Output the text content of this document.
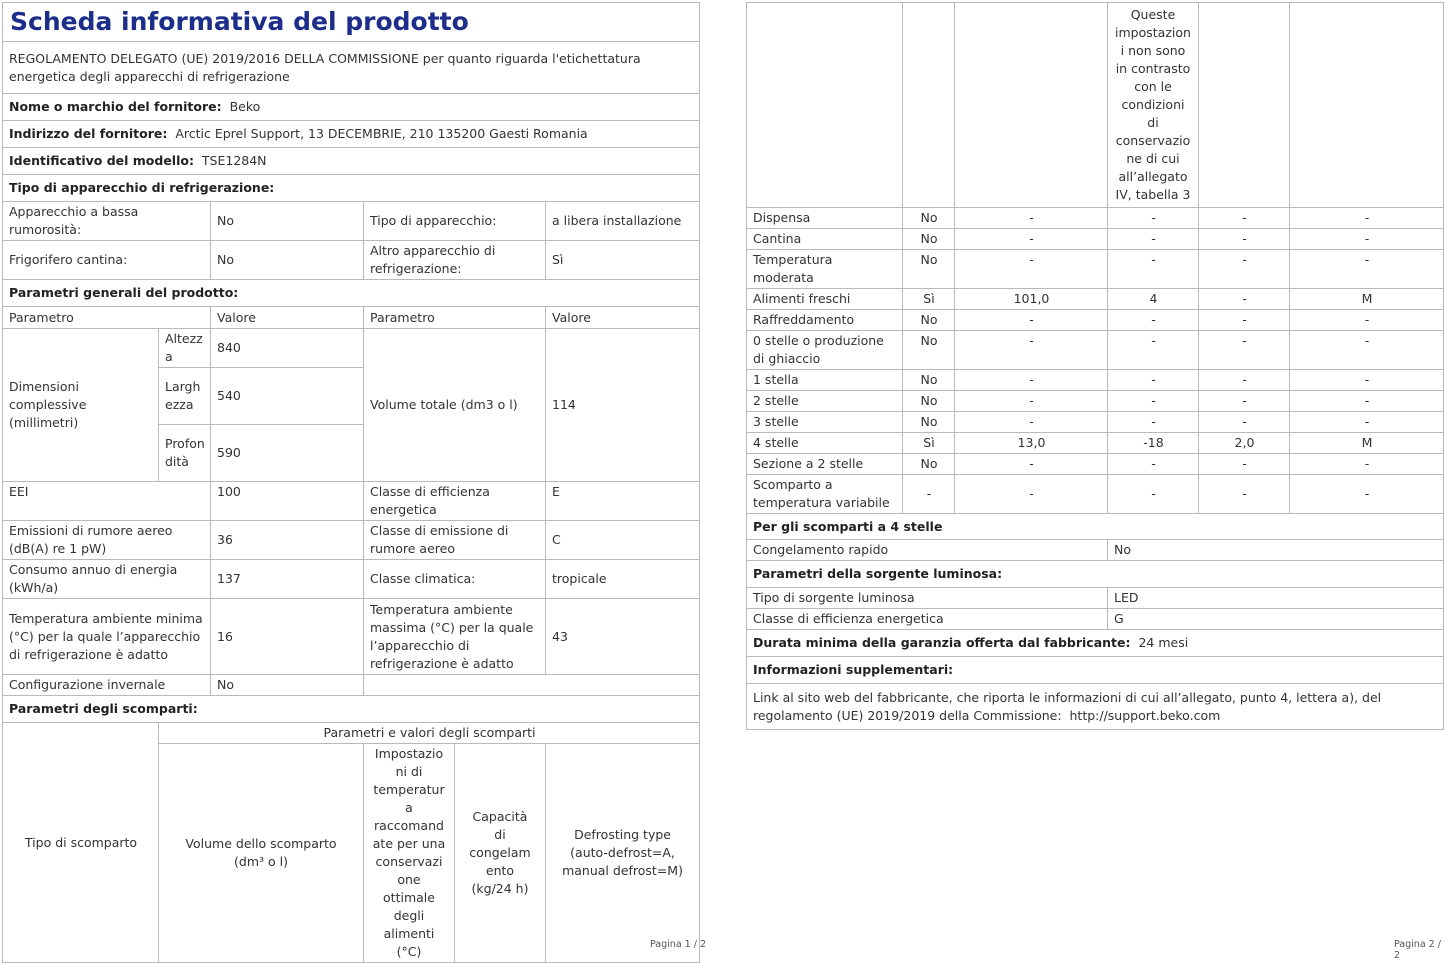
Scheda informativa del prodotto					
REGOLAMENTO DELEGATO (UE) 2019/2016 DELLA COMMISSIONE per quanto riguarda l'etichettatura energetica degli apparecchi di refrigerazione					
Nome o marchio del fornitore: Beko					
Indirizzo del fornitore: Arctic Eprel Support, 13 DECEMBRIE, 210 135200 Gaesti Romania					
Identificativo del modello: TSE1284N					
Tipo di apparecchio di refrigerazione:					
Apparecchio a bassa rumorosità:		No	Tipo di apparecchio:		a libera installazione
Frigorifero cantina:		No	Altro apparecchio di refrigerazione:		Sì
Parametri generali del prodotto:					
Parametro		Valore	Parametro		Valore
Dimensioni complessive (millimetri)	Altezza	840	Volume totale (dm3 o l)		114
	Larghezza	540			
	Profondità	590			
EEI		100	Classe di efficienza energetica		E
Emissioni di rumore aereo (dB(A) re 1 pW)		36	Classe di emissione di rumore aereo		C
Consumo annuo di energia (kWh/a)		137	Classe climatica:		tropicale
Temperatura ambiente minima (°C) per la quale l’apparecchio di refrigerazione è adatto		16	Temperatura ambiente massima (°C) per la quale l’apparecchio di refrigerazione è adatto		43
Configurazione invernale		No			
Parametri degli scomparti:					
Tipo di scomparto	Parametri e valori degli scomparti				
	Volume dello scomparto (dm³ o l)		Impostazioni di temperatura raccomandate per una conservazione ottimale degli alimenti (°C)	Capacità di congelamento (kg/24 h)	Defrosting type (auto-defrost=A, manual defrost=M)
Pagina 1 / 2
			Queste impostazioni non sono in contrasto con le condizioni di conservazione di cui all’allegato IV, tabella 3		
Dispensa	No	-	-	-	-
Cantina	No	-	-	-	-
Temperatura moderata	No	-	-	-	-
Alimenti freschi	Sì	101,0	4	-	M
Raffreddamento	No	-	-	-	-
0 stelle o produzione di ghiaccio	No	-	-	-	-
1 stella	No	-	-	-	-
2 stelle	No	-	-	-	-
3 stelle	No	-	-	-	-
4 stelle	Sì	13,0	-18	2,0	M
Sezione a 2 stelle	No	-	-	-	-
Scomparto a temperatura variabile	-	-	-	-	-
Per gli scomparti a 4 stelle					
Congelamento rapido			No		
Parametri della sorgente luminosa:					
Tipo di sorgente luminosa			LED		
Classe di efficienza energetica			G		
Durata minima della garanzia offerta dal fabbricante: 24 mesi					
Informazioni supplementari:					
Link al sito web del fabbricante, che riporta le informazioni di cui all’allegato, punto 4, lettera a), del regolamento (UE) 2019/2019 della Commissione: http://support.beko.com					
Pagina 2 / 2
